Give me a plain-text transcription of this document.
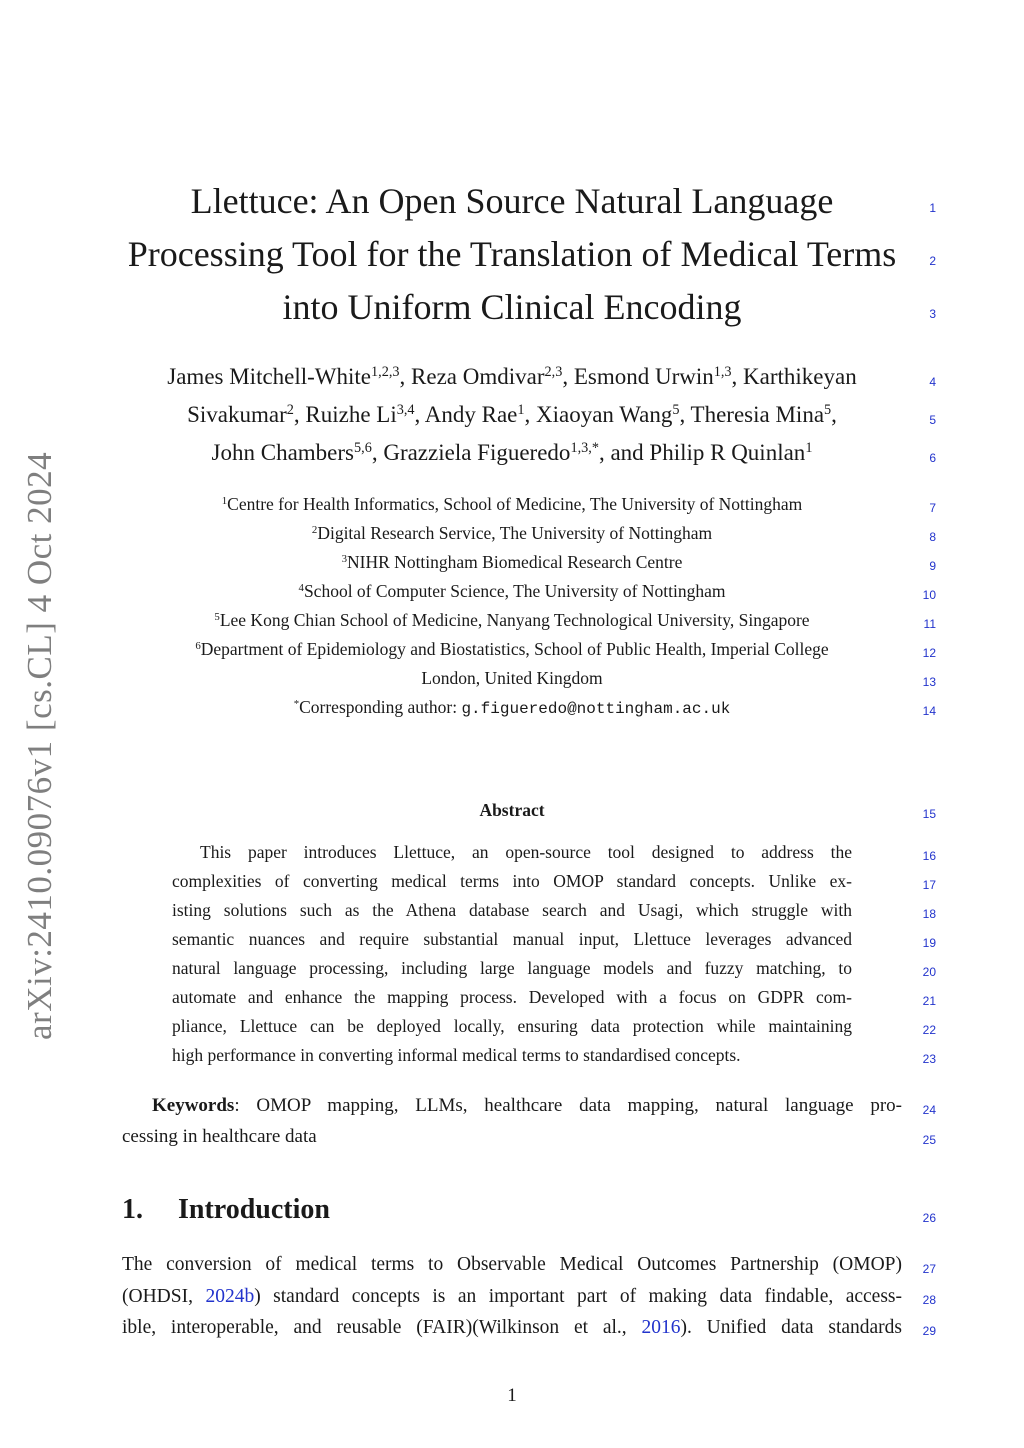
arXiv:2410.09076v1 [cs.CL] 4 Oct 2024
Llettuce: An Open Source Natural Language
Processing Tool for the Translation of Medical Terms
into Uniform Clinical Encoding
James Mitchell-White$^{1,2,3}$, Reza Omdivar$^{2,3}$, Esmond Urwin$^{1,3}$, Karthikeyan
Sivakumar$^2$, Ruizhe Li$^{3,4}$, Andy Rae$^1$, Xiaoyan Wang$^5$, Theresia Mina$^5$,
John Chambers$^{5,6}$, Grazziela Figueredo$^{1,3,*}$, and Philip R Quinlan$^1$
$^1$Centre for Health Informatics, School of Medicine, The University of Nottingham
$^2$Digital Research Service, The University of Nottingham
$^3$NIHR Nottingham Biomedical Research Centre
$^4$School of Computer Science, The University of Nottingham
$^5$Lee Kong Chian School of Medicine, Nanyang Technological University, Singapore
$^6$Department of Epidemiology and Biostatistics, School of Public Health, Imperial College
London, United Kingdom
*Corresponding author: g.figueredo@nottingham.ac.uk
Abstract
This paper introduces Llettuce, an open-source tool designed to address the
complexities of converting medical terms into OMOP standard concepts. Unlike ex-
isting solutions such as the Athena database search and Usagi, which struggle with
semantic nuances and require substantial manual input, Llettuce leverages advanced
natural language processing, including large language models and fuzzy matching, to
automate and enhance the mapping process. Developed with a focus on GDPR com-
pliance, Llettuce can be deployed locally, ensuring data protection while maintaining
high performance in converting informal medical terms to standardised concepts.
Keywords: OMOP mapping, LLMs, healthcare data mapping, natural language pro-
cessing in healthcare data
1. Introduction
The conversion of medical terms to Observable Medical Outcomes Partnership (OMOP)
(OHDSI, 2024b) standard concepts is an important part of making data findable, access-
ible, interoperable, and reusable (FAIR)(Wilkinson et al., 2016). Unified data standards
1
2
3
4
5
6
7
8
9
10
11
12
13
14
15
16
17
18
19
20
21
22
23
24
25
26
27
28
29
1
